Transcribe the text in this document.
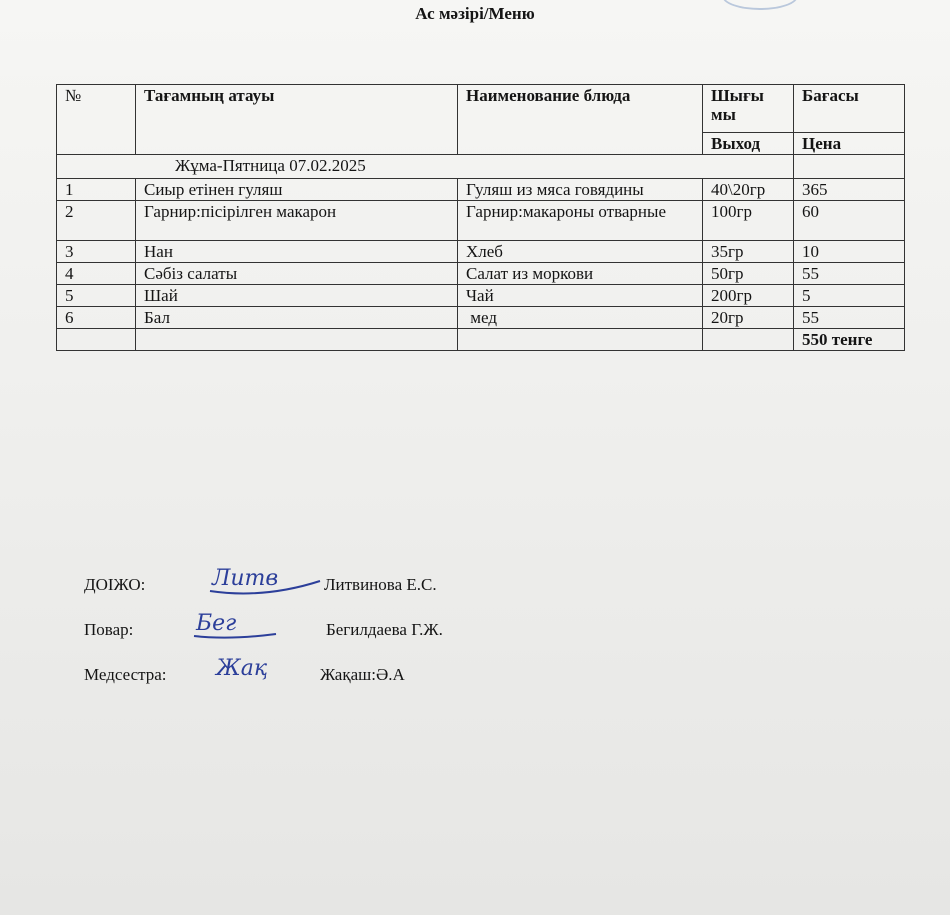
Ас мәзірі/Меню
№	Тағамның атауы	Наименование блюда	Шығы мы	Бағасы
			Выход	Цена
Жұма-Пятница 07.02.2025				
1	Сиыр етінен гуляш	Гуляш из мяса говядины	40\20гр	365
2	Гарнир:пісірілген макарон	Гарнир:макароны отварные	100гр	60
3	Нан	Хлеб	35гр	10
4	Сәбіз салаты	Салат из моркови	50гр	55
5	Шай	Чай	200гр	5
6	Бал	мед	20гр	55
				550 тенге
ДОІЖО:	Литв	Литвинова Е.С.
Повар:	Бег	Бегилдаева Г.Ж.
Медсестра: Жақ	Жақаш:Ә.А
